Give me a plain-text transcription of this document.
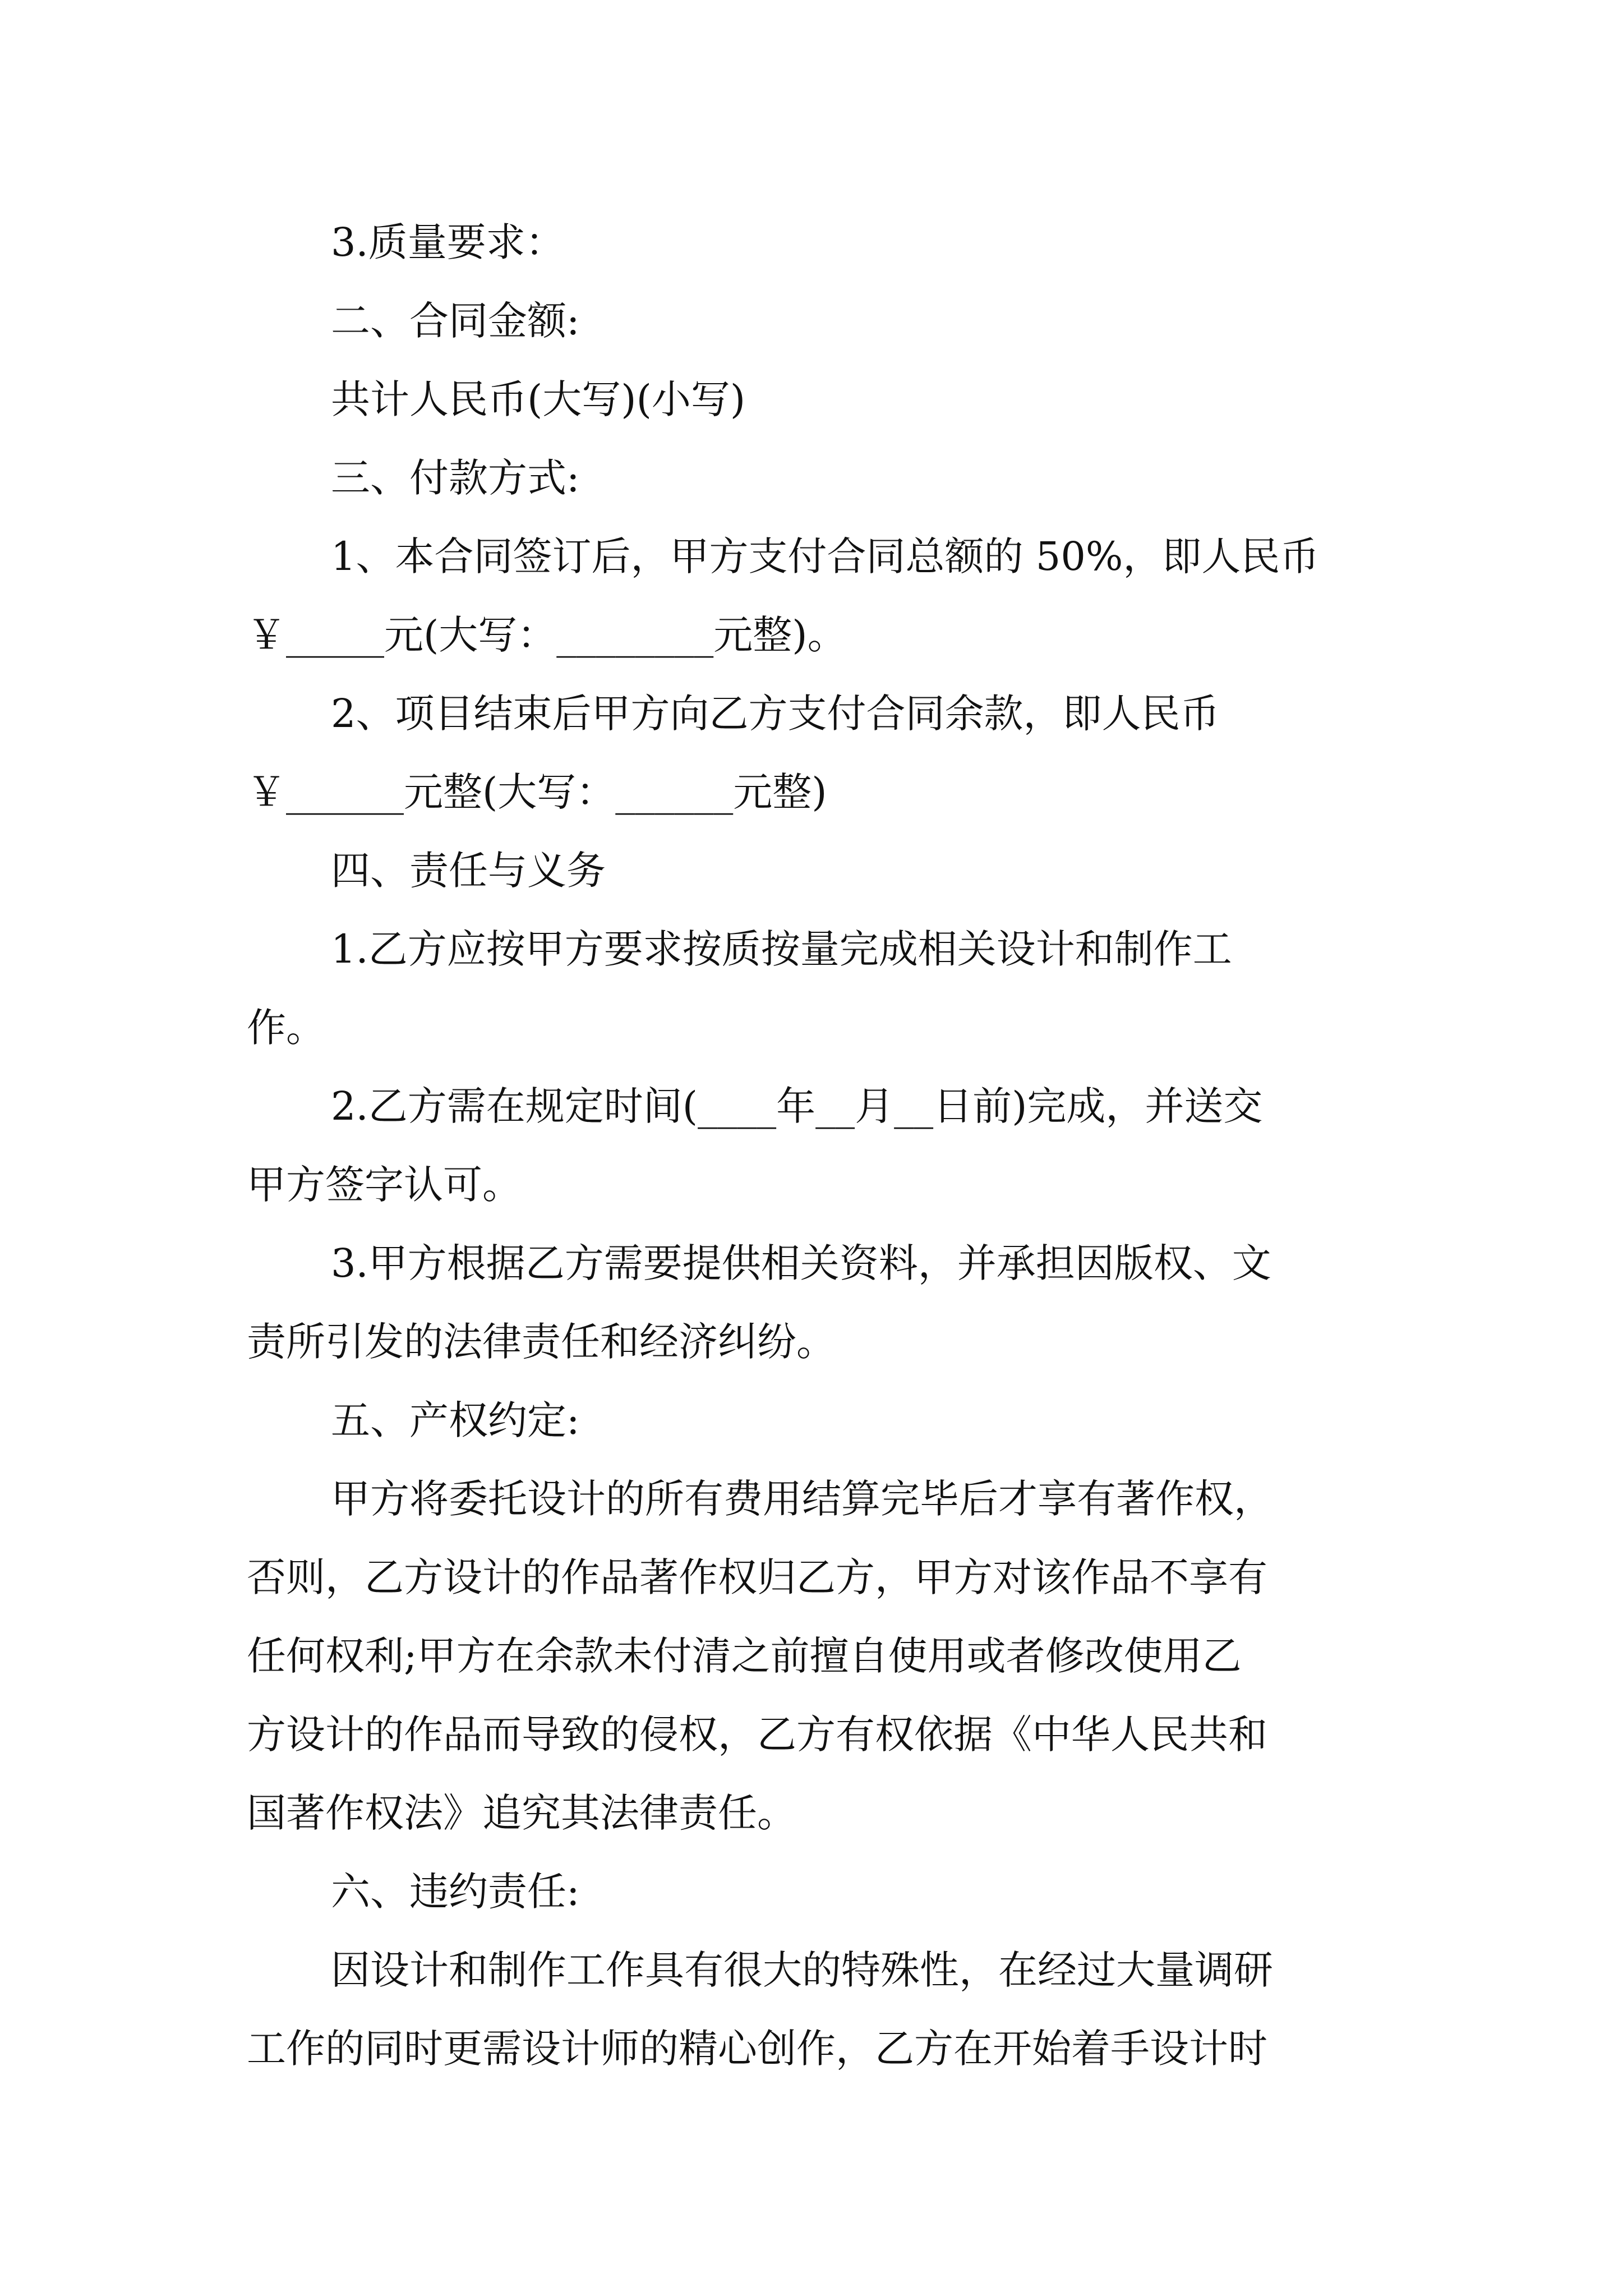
3.质量要求：

二、合同金额:

共计人民币(大写)(小写)

三、付款方式:

1、本合同签订后，甲方支付合同总额的 50%，即人民币

￥_____元(大写：________元整)。

2、项目结束后甲方向乙方支付合同余款，即人民币

￥______元整(大写：______元整)

四、责任与义务

1.乙方应按甲方要求按质按量完成相关设计和制作工

作。

2.乙方需在规定时间(____年__月__日前)完成，并送交

甲方签字认可。

3.甲方根据乙方需要提供相关资料，并承担因版权、文

责所引发的法律责任和经济纠纷。

五、产权约定:

甲方将委托设计的所有费用结算完毕后才享有著作权，

否则，乙方设计的作品著作权归乙方，甲方对该作品不享有

任何权利;甲方在余款未付清之前擅自使用或者修改使用乙

方设计的作品而导致的侵权，乙方有权依据《中华人民共和

国著作权法》追究其法律责任。

六、违约责任:

因设计和制作工作具有很大的特殊性，在经过大量调研

工作的同时更需设计师的精心创作，乙方在开始着手设计时
